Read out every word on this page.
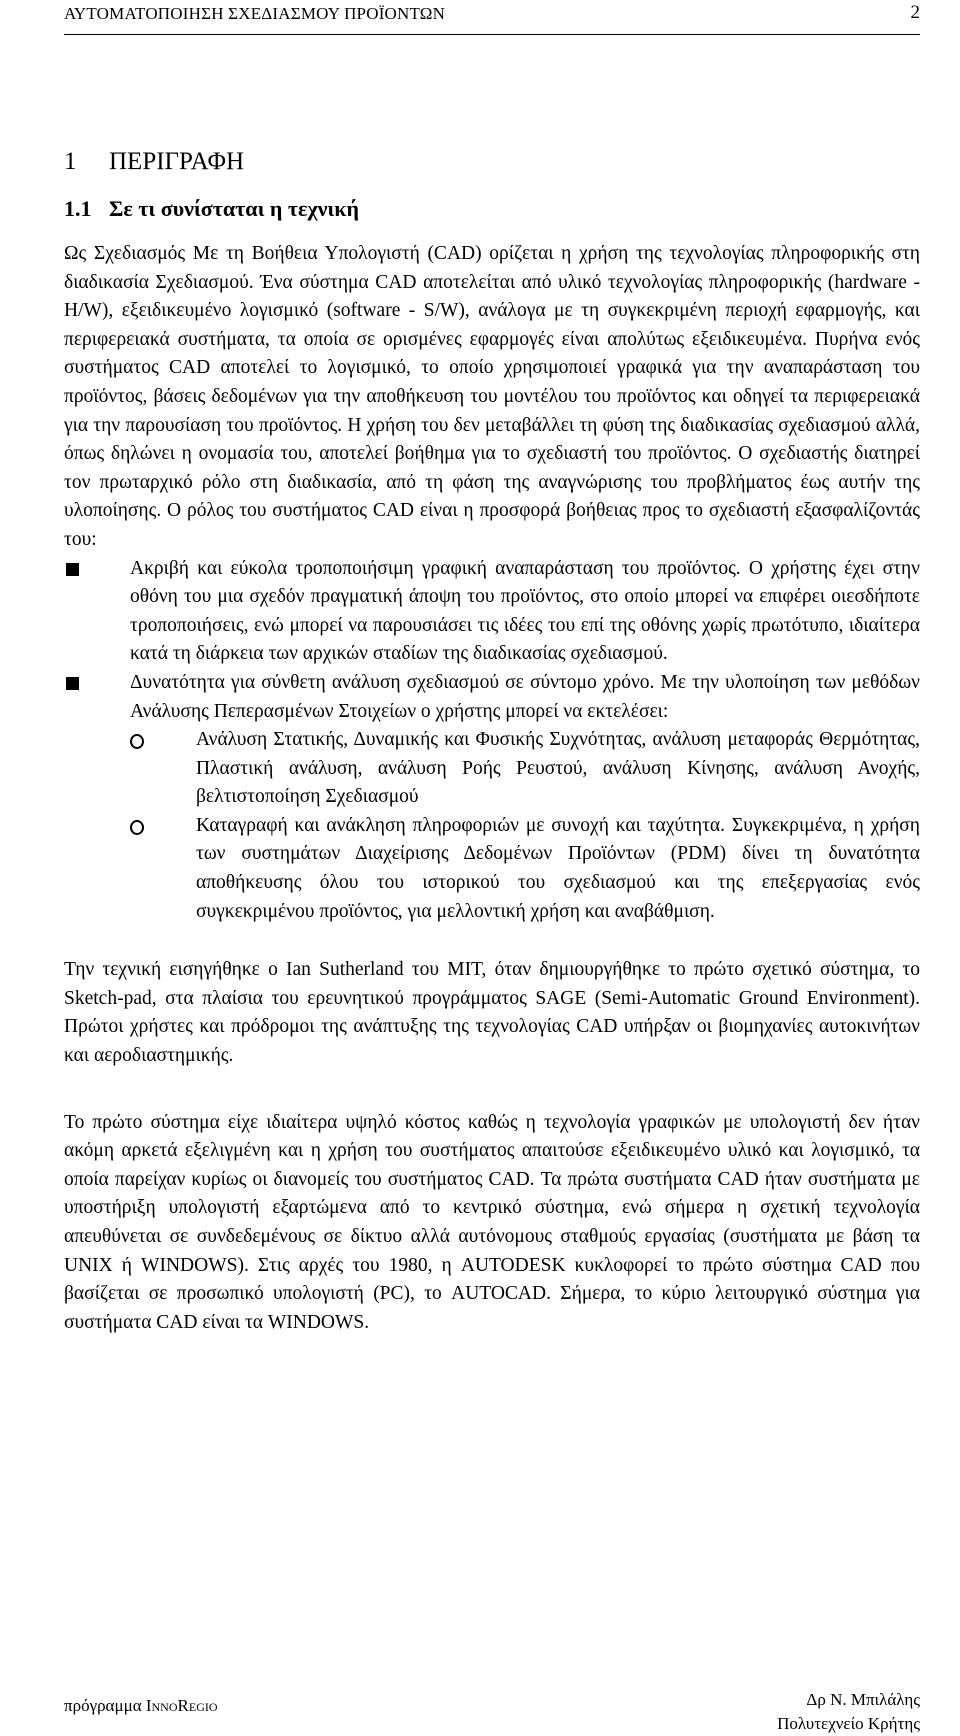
ΑΥΤΟΜΑΤΟΠΟΙΗΣΗ ΣΧΕΔΙΑΣΜΟΥ ΠΡΟΪΟΝΤΩΝ	2
1	ΠΕΡΙΓΡΑΦΗ
1.1 Σε τι συνίσταται η τεχνική

Ως Σχεδιασμός Με τη Βοήθεια Υπολογιστή (CAD) ορίζεται η χρήση της τεχνολογίας πληροφορικής στη διαδικασία Σχεδιασμού. Ένα σύστημα CAD αποτελείται από υλικό τεχνολογίας πληροφορικής (hardware - H/W), εξειδικευμένο λογισμικό (software - S/W), ανάλογα με τη συγκεκριμένη περιοχή εφαρμογής, και περιφερειακά συστήματα, τα οποία σε ορισμένες εφαρμογές είναι απολύτως εξειδικευμένα. Πυρήνα ενός συστήματος CAD αποτελεί το λογισμικό, το οποίο χρησιμοποιεί γραφικά για την αναπαράσταση του προϊόντος, βάσεις δεδομένων για την αποθήκευση του μοντέλου του προϊόντος και οδηγεί τα περιφερειακά για την παρουσίαση του προϊόντος. Η χρήση του δεν μεταβάλλει τη φύση της διαδικασίας σχεδιασμού αλλά, όπως δηλώνει η ονομασία του, αποτελεί βοήθημα για το σχεδιαστή του προϊόντος. Ο σχεδιαστής διατηρεί τον πρωταρχικό ρόλο στη διαδικασία, από τη φάση της αναγνώρισης του προβλήματος έως αυτήν της υλοποίησης. Ο ρόλος του συστήματος CAD είναι η προσφορά βοήθειας προς το σχεδιαστή εξασφαλίζοντάς του:

Ακριβή και εύκολα τροποποιήσιμη γραφική αναπαράσταση του προϊόντος. Ο χρήστης έχει στην οθόνη του μια σχεδόν πραγματική άποψη του προϊόντος, στο οποίο μπορεί να επιφέρει οιεσδήποτε τροποποιήσεις, ενώ μπορεί να παρουσιάσει τις ιδέες του επί της οθόνης χωρίς πρωτότυπο, ιδιαίτερα κατά τη διάρκεια των αρχικών σταδίων της διαδικασίας σχεδιασμού.
Δυνατότητα για σύνθετη ανάλυση σχεδιασμού σε σύντομο χρόνο. Με την υλοποίηση των μεθόδων Ανάλυσης Πεπερασμένων Στοιχείων ο χρήστης μπορεί να εκτελέσει:
Ανάλυση Στατικής, Δυναμικής και Φυσικής Συχνότητας, ανάλυση μεταφοράς Θερμότητας, Πλαστική ανάλυση, ανάλυση Ροής Ρευστού, ανάλυση Κίνησης, ανάλυση Ανοχής, βελτιστοποίηση Σχεδιασμού
Καταγραφή και ανάκληση πληροφοριών με συνοχή και ταχύτητα. Συγκεκριμένα, η χρήση των συστημάτων Διαχείρισης Δεδομένων Προϊόντων (PDM) δίνει τη δυνατότητα αποθήκευσης όλου του ιστορικού του σχεδιασμού και της επεξεργασίας ενός συγκεκριμένου προϊόντος, για μελλοντική χρήση και αναβάθμιση.

Την τεχνική εισηγήθηκε ο Ian Sutherland του MIT, όταν δημιουργήθηκε το πρώτο σχετικό σύστημα, το Sketch-pad, στα πλαίσια του ερευνητικού προγράμματος SAGE (Semi-Automatic Ground Environment). Πρώτοι χρήστες και πρόδρομοι της ανάπτυξης της τεχνολογίας CAD υπήρξαν οι βιομηχανίες αυτοκινήτων και αεροδιαστημικής.

Το πρώτο σύστημα είχε ιδιαίτερα υψηλό κόστος καθώς η τεχνολογία γραφικών με υπολογιστή δεν ήταν ακόμη αρκετά εξελιγμένη και η χρήση του συστήματος απαιτούσε εξειδικευμένο υλικό και λογισμικό, τα οποία παρείχαν κυρίως οι διανομείς του συστήματος CAD. Τα πρώτα συστήματα CAD ήταν συστήματα με υποστήριξη υπολογιστή εξαρτώμενα από το κεντρικό σύστημα, ενώ σήμερα η σχετική τεχνολογία απευθύνεται σε συνδεδεμένους σε δίκτυο αλλά αυτόνομους σταθμούς εργασίας (συστήματα με βάση τα UNIX ή WINDOWS). Στις αρχές του 1980, η AUTODESK κυκλοφορεί το πρώτο σύστημα CAD που βασίζεται σε προσωπικό υπολογιστή (PC), το AUTOCAD. Σήμερα, το κύριο λειτουργικό σύστημα για συστήματα CAD είναι τα WINDOWS.

πρόγραμμα InnoRegio	Δρ Ν. Μπιλάλης
Πολυτεχνείο Κρήτης
